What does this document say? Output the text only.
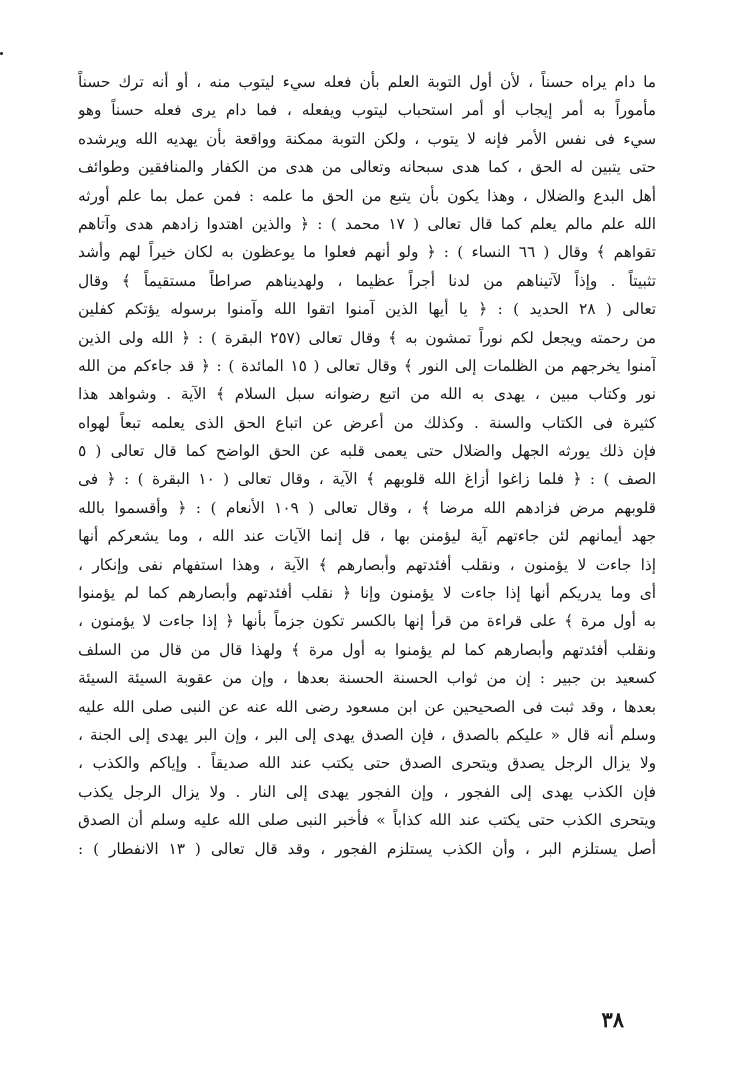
ما دام يراه حسناً ، لأن أول التوبة العلم بأن فعله سيء ليتوب منه ، أو أنه ترك حسناً
مأموراً به أمر إيجاب أو أمر استحباب ليتوب ويفعله ، فما دام يرى فعله حسناً وهو
سيء فى نفس الأمر فإنه لا يتوب ، ولكن التوبة ممكنة وواقعة بأن يهديه الله ويرشده
حتى يتبين له الحق ، كما هدى سبحانه وتعالى من هدى من الكفار والمنافقين وطوائف
أهل البدع والضلال ، وهذا يكون بأن يتبع من الحق ما علمه : فمن عمل بما علم أورثه
الله علم مالم يعلم كما قال تعالى ( ١٧ محمد ) : ﴿ والذين اهتدوا زادهم هدى وآتاهم
تقواهم ﴾ وقال ( ٦٦ النساء ) : ﴿ ولو أنهم فعلوا ما يوعظون به لكان خيراً لهم وأشد
تثبيتاً . وإذاً لآتيناهم من لدنا أجراً عظيما ، ولهديناهم صراطاً مستقيماً ﴾ وقال
تعالى ( ٢٨ الحديد ) : ﴿ يا أيها الذين آمنوا اتقوا الله وآمنوا برسوله يؤتكم كفلين
من رحمته ويجعل لكم نوراً تمشون به ﴾ وقال تعالى (٢٥٧ البقرة ) : ﴿ الله ولى الذين
آمنوا يخرجهم من الظلمات إلى النور ﴾ وقال تعالى ( ١٥ المائدة ) : ﴿ قد جاءكم من الله
نور وكتاب مبين ، يهدى به الله من اتبع رضوانه سبل السلام ﴾ الآية . وشواهد هذا
كثيرة فى الكتاب والسنة . وكذلك من أعرض عن اتباع الحق الذى يعلمه تبعاً لهواه
فإن ذلك يورثه الجهل والضلال حتى يعمى قلبه عن الحق الواضح كما قال تعالى ( ٥
الصف ) : ﴿ فلما زاغوا أزاغ الله قلوبهم ﴾ الآية ، وقال تعالى ( ١٠ البقرة ) : ﴿ فى
قلوبهم مرض فزادهم الله مرضا ﴾ ، وقال تعالى ( ١٠٩ الأنعام ) : ﴿ وأقسموا بالله
جهد أيمانهم لئن جاءتهم آية ليؤمنن بها ، قل إنما الآيات عند الله ، وما يشعركم أنها
إذا جاءت لا يؤمنون ، ونقلب أفئدتهم وأبصارهم ﴾ الآية ، وهذا استفهام نفى وإنكار ،
أى وما يدريكم أنها إذا جاءت لا يؤمنون وإنا ﴿ نقلب أفئدتهم وأبصارهم كما لم يؤمنوا
به أول مرة ﴾ على قراءة من قرأ إنها بالكسر تكون جزماً بأنها ﴿ إذا جاءت لا يؤمنون ،
ونقلب أفئدتهم وأبصارهم كما لم يؤمنوا به أول مرة ﴾ ولهذا قال من قال من السلف
كسعيد بن جبير : إن من ثواب الحسنة الحسنة بعدها ، وإن من عقوبة السيئة السيئة
بعدها ، وقد ثبت فى الصحيحين عن ابن مسعود رضى الله عنه عن النبى صلى الله عليه
وسلم أنه قال « عليكم بالصدق ، فإن الصدق يهدى إلى البر ، وإن البر يهدى إلى الجنة ،
ولا يزال الرجل يصدق ويتحرى الصدق حتى يكتب عند الله صديقاً . وإياكم والكذب ،
فإن الكذب يهدى إلى الفجور ، وإن الفجور يهدى إلى النار . ولا يزال الرجل يكذب
ويتحرى الكذب حتى يكتب عند الله كذاباً » فأخبر النبى صلى الله عليه وسلم أن الصدق
أصل يستلزم البر ، وأن الكذب يستلزم الفجور ، وقد قال تعالى ( ١٣ الانفطار ) :
٣٨
